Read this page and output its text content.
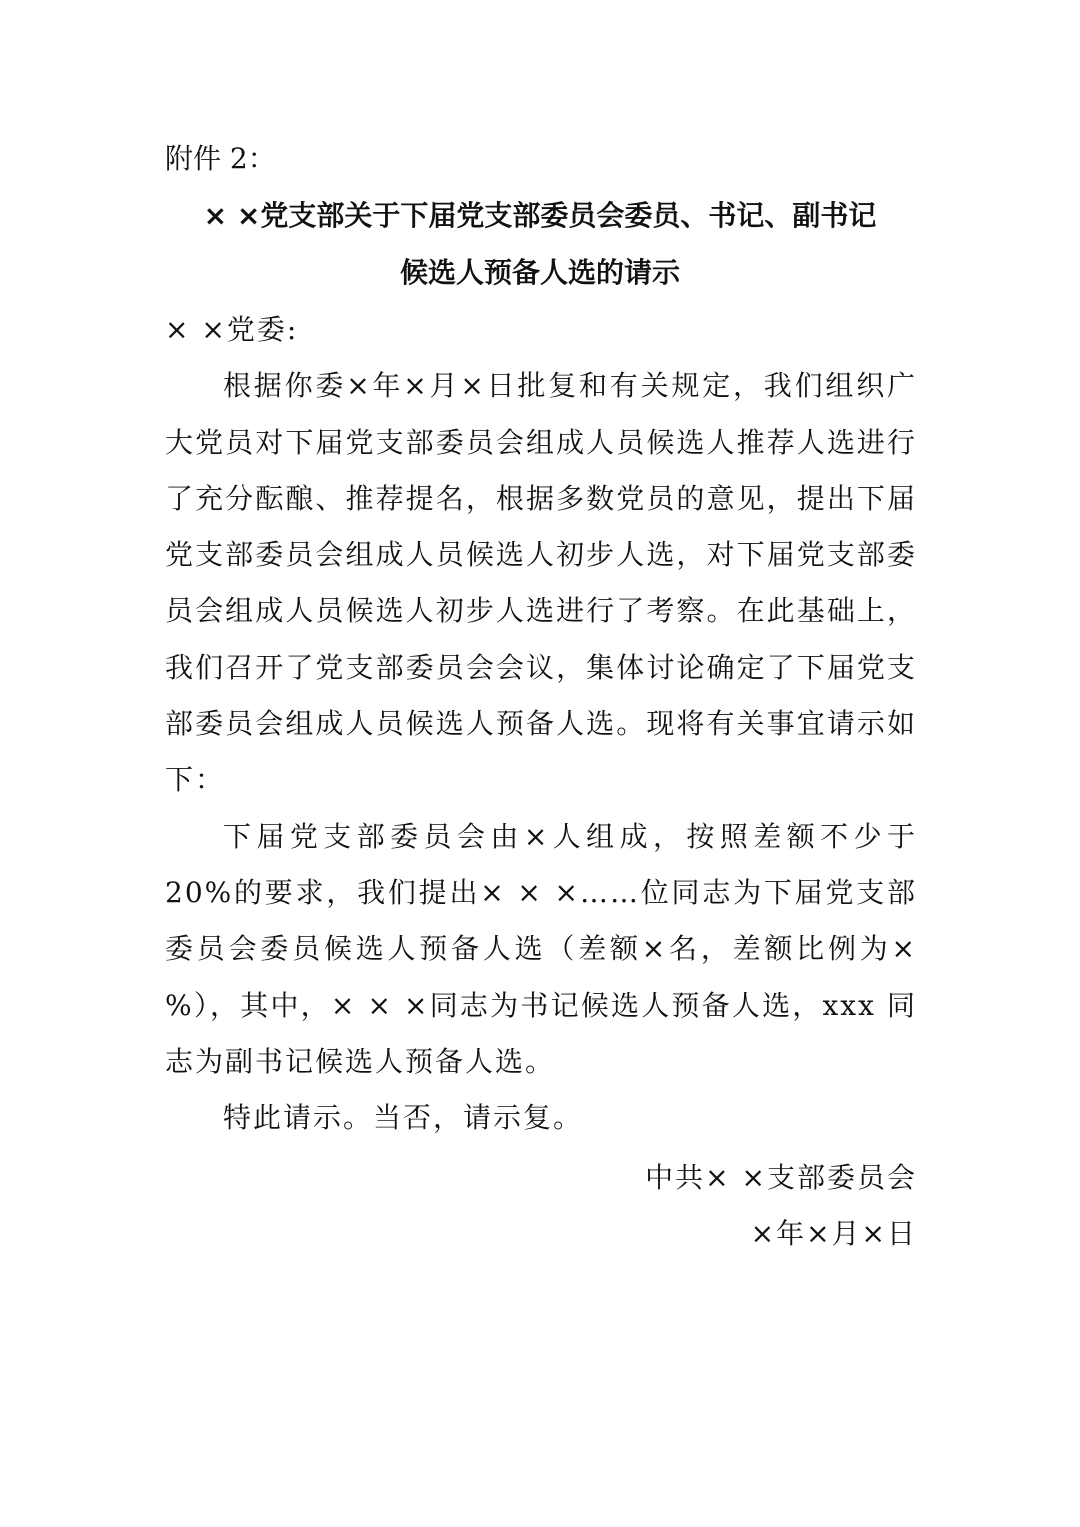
附件 2：
× ×党支部关于下届党支部委员会委员、书记、副书记
候选人预备人选的请示

× ×党委:

根据你委×年×月×日批复和有关规定，我们组织广大党员对下届党支部委员会组成人员候选人推荐人选进行了充分酝酿、推荐提名，根据多数党员的意见，提出下届党支部委员会组成人员候选人初步人选，对下届党支部委员会组成人员候选人初步人选进行了考察。在此基础上，我们召开了党支部委员会会议，集体讨论确定了下届党支部委员会组成人员候选人预备人选。现将有关事宜请示如下：

下届党支部委员会由×人组成，按照差额不少于 20%的要求，我们提出× × ×……位同志为下届党支部委员会委员候选人预备人选（差额×名，差额比例为× %），其中，× × ×同志为书记候选人预备人选，xxx 同志为副书记候选人预备人选。

特此请示。当否，请示复。

中共× ×支部委员会
×年×月×日
